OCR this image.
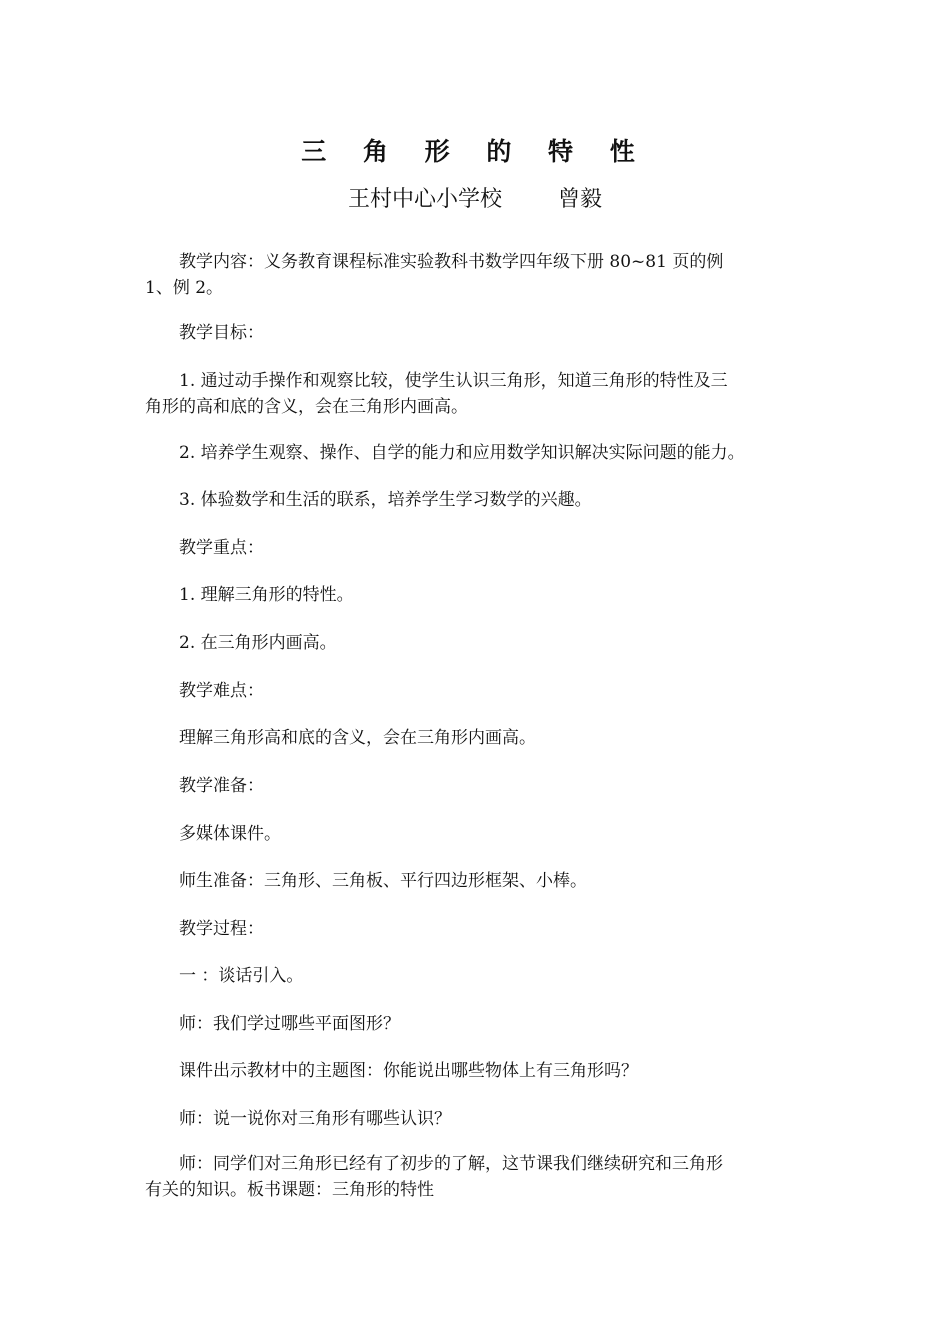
三 角 形 的 特 性
王村中心小学校	曾毅
　　教学内容：义务教育课程标准实验教科书数学四年级下册 80~81 页的例
1、例 2。
　　教学目标：
　　1. 通过动手操作和观察比较，使学生认识三角形，知道三角形的特性及三
角形的高和底的含义，会在三角形内画高。
　　2. 培养学生观察、操作、自学的能力和应用数学知识解决实际问题的能力。
　　3. 体验数学和生活的联系，培养学生学习数学的兴趣。
　　教学重点：
　　1. 理解三角形的特性。
　　2. 在三角形内画高。
　　教学难点：
　　理解三角形高和底的含义，会在三角形内画高。
　　教学准备：
　　多媒体课件。
　　师生准备：三角形、三角板、平行四边形框架、小棒。
　　教学过程：
　　一 ：谈话引入。
　　师：我们学过哪些平面图形？
　　课件出示教材中的主题图：你能说出哪些物体上有三角形吗？
　　师：说一说你对三角形有哪些认识？
　　师：同学们对三角形已经有了初步的了解，这节课我们继续研究和三角形
有关的知识。板书课题：三角形的特性
